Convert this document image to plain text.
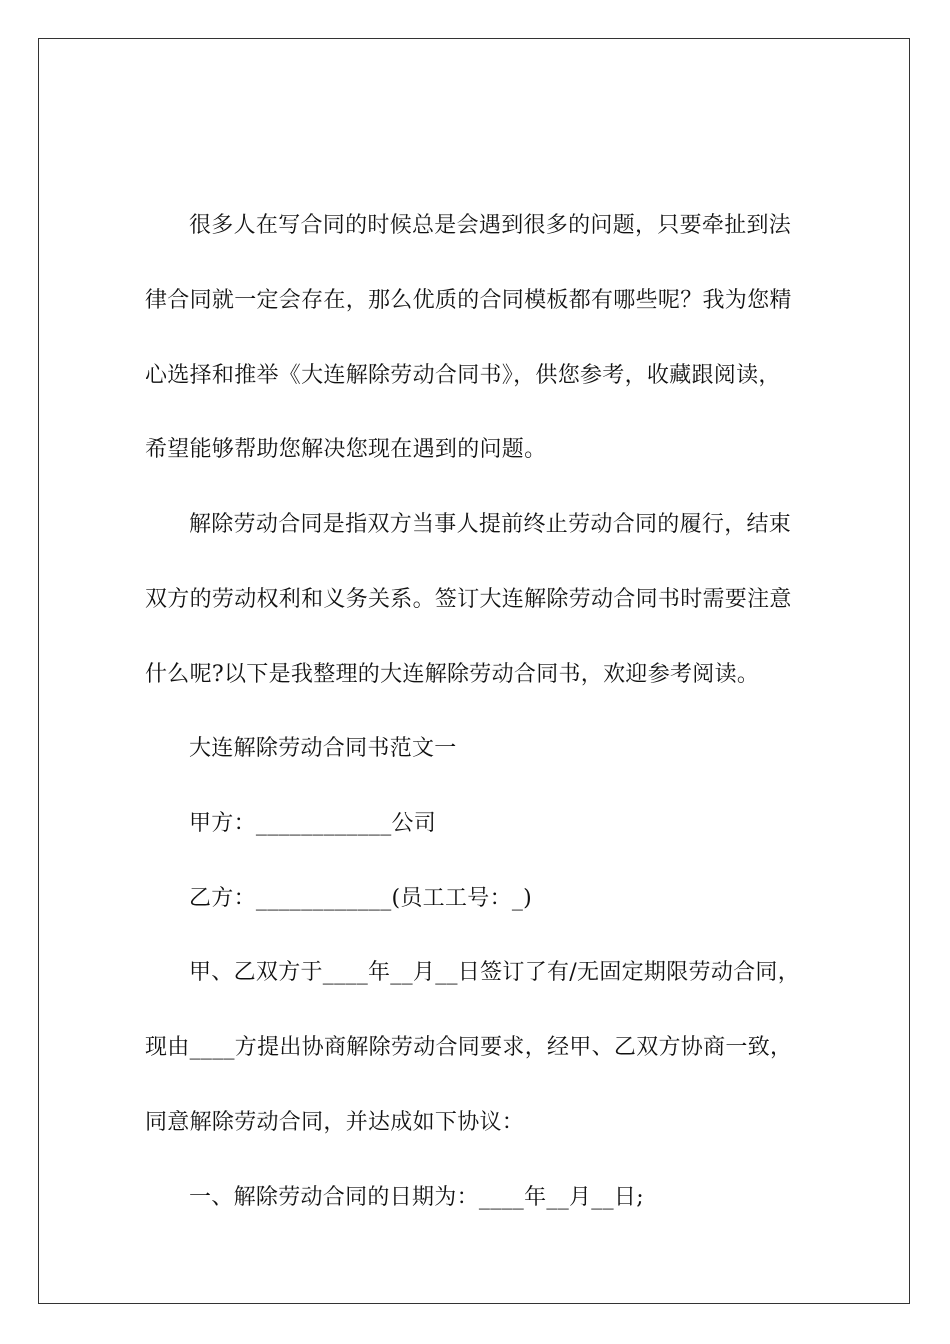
很多人在写合同的时候总是会遇到很多的问题，只要牵扯到法
律合同就一定会存在，那么优质的合同模板都有哪些呢？我为您精
心选择和推举《大连解除劳动合同书》，供您参考，收藏跟阅读，
希望能够帮助您解决您现在遇到的问题。
解除劳动合同是指双方当事人提前终止劳动合同的履行，结束
双方的劳动权利和义务关系。签订大连解除劳动合同书时需要注意
什么呢?以下是我整理的大连解除劳动合同书，欢迎参考阅读。
大连解除劳动合同书范文一
甲方：____________公司
乙方：____________(员工工号：_)
甲、乙双方于____年__月__日签订了有/无固定期限劳动合同，
现由____方提出协商解除劳动合同要求，经甲、乙双方协商一致，
同意解除劳动合同，并达成如下协议：
一、解除劳动合同的日期为：____年__月__日;
